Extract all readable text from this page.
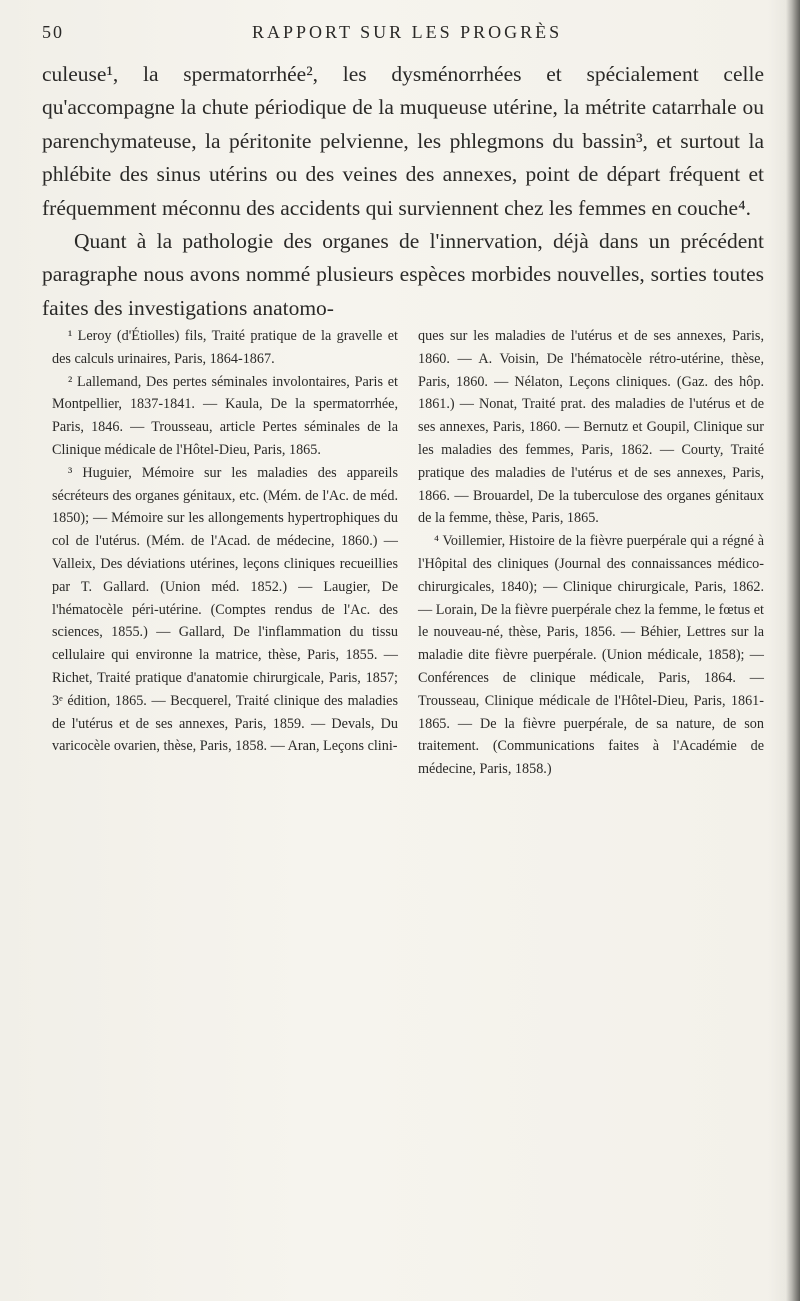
50	RAPPORT SUR LES PROGRÈS

culeuse¹, la spermatorrhée², les dysménorrhées et spécialement celle qu'accompagne la chute périodique de la muqueuse utérine, la métrite catarrhale ou parenchymateuse, la péritonite pelvienne, les phlegmons du bassin³, et surtout la phlébite des sinus utérins ou des veines des annexes, point de départ fréquent et fréquemment méconnu des accidents qui surviennent chez les femmes en couche⁴.

Quant à la pathologie des organes de l'innervation, déjà dans un précédent paragraphe nous avons nommé plusieurs espèces morbides nouvelles, sorties toutes faites des investigations anatomo-

¹ Leroy (d'Étiolles) fils, Traité pratique de la gravelle et des calculs urinaires, Paris, 1864-1867.

² Lallemand, Des pertes séminales involontaires, Paris et Montpellier, 1837-1841. — Kaula, De la spermatorrhée, Paris, 1846. — Trousseau, article Pertes séminales de la Clinique médicale de l'Hôtel-Dieu, Paris, 1865.

³ Huguier, Mémoire sur les maladies des appareils sécréteurs des organes génitaux, etc. (Mém. de l'Ac. de méd. 1850); — Mémoire sur les allongements hypertrophiques du col de l'utérus. (Mém. de l'Acad. de médecine, 1860.) — Valleix, Des déviations utérines, leçons cliniques recueillies par T. Gallard. (Union méd. 1852.) — Laugier, De l'hématocèle péri-utérine. (Comptes rendus de l'Ac. des sciences, 1855.) — Gallard, De l'inflammation du tissu cellulaire qui environne la matrice, thèse, Paris, 1855. — Richet, Traité pratique d'anatomie chirurgicale, Paris, 1857; 3ᵉ édition, 1865. — Becquerel, Traité clinique des maladies de l'utérus et de ses annexes, Paris, 1859. — Devals, Du varicocèle ovarien, thèse, Paris, 1858. — Aran, Leçons clini-

ques sur les maladies de l'utérus et de ses annexes, Paris, 1860. — A. Voisin, De l'hématocèle rétro-utérine, thèse, Paris, 1860. — Nélaton, Leçons cliniques. (Gaz. des hôp. 1861.) — Nonat, Traité prat. des maladies de l'utérus et de ses annexes, Paris, 1860. — Bernutz et Goupil, Clinique sur les maladies des femmes, Paris, 1862. — Courty, Traité pratique des maladies de l'utérus et de ses annexes, Paris, 1866. — Brouardel, De la tuberculose des organes génitaux de la femme, thèse, Paris, 1865.

⁴ Voillemier, Histoire de la fièvre puerpérale qui a régné à l'Hôpital des cliniques (Journal des connaissances médico-chirurgicales, 1840); — Clinique chirurgicale, Paris, 1862. — Lorain, De la fièvre puerpérale chez la femme, le fœtus et le nouveau-né, thèse, Paris, 1856. — Béhier, Lettres sur la maladie dite fièvre puerpérale. (Union médicale, 1858); — Conférences de clinique médicale, Paris, 1864. — Trousseau, Clinique médicale de l'Hôtel-Dieu, Paris, 1861-1865. — De la fièvre puerpérale, de sa nature, de son traitement. (Communications faites à l'Académie de médecine, Paris, 1858.)
